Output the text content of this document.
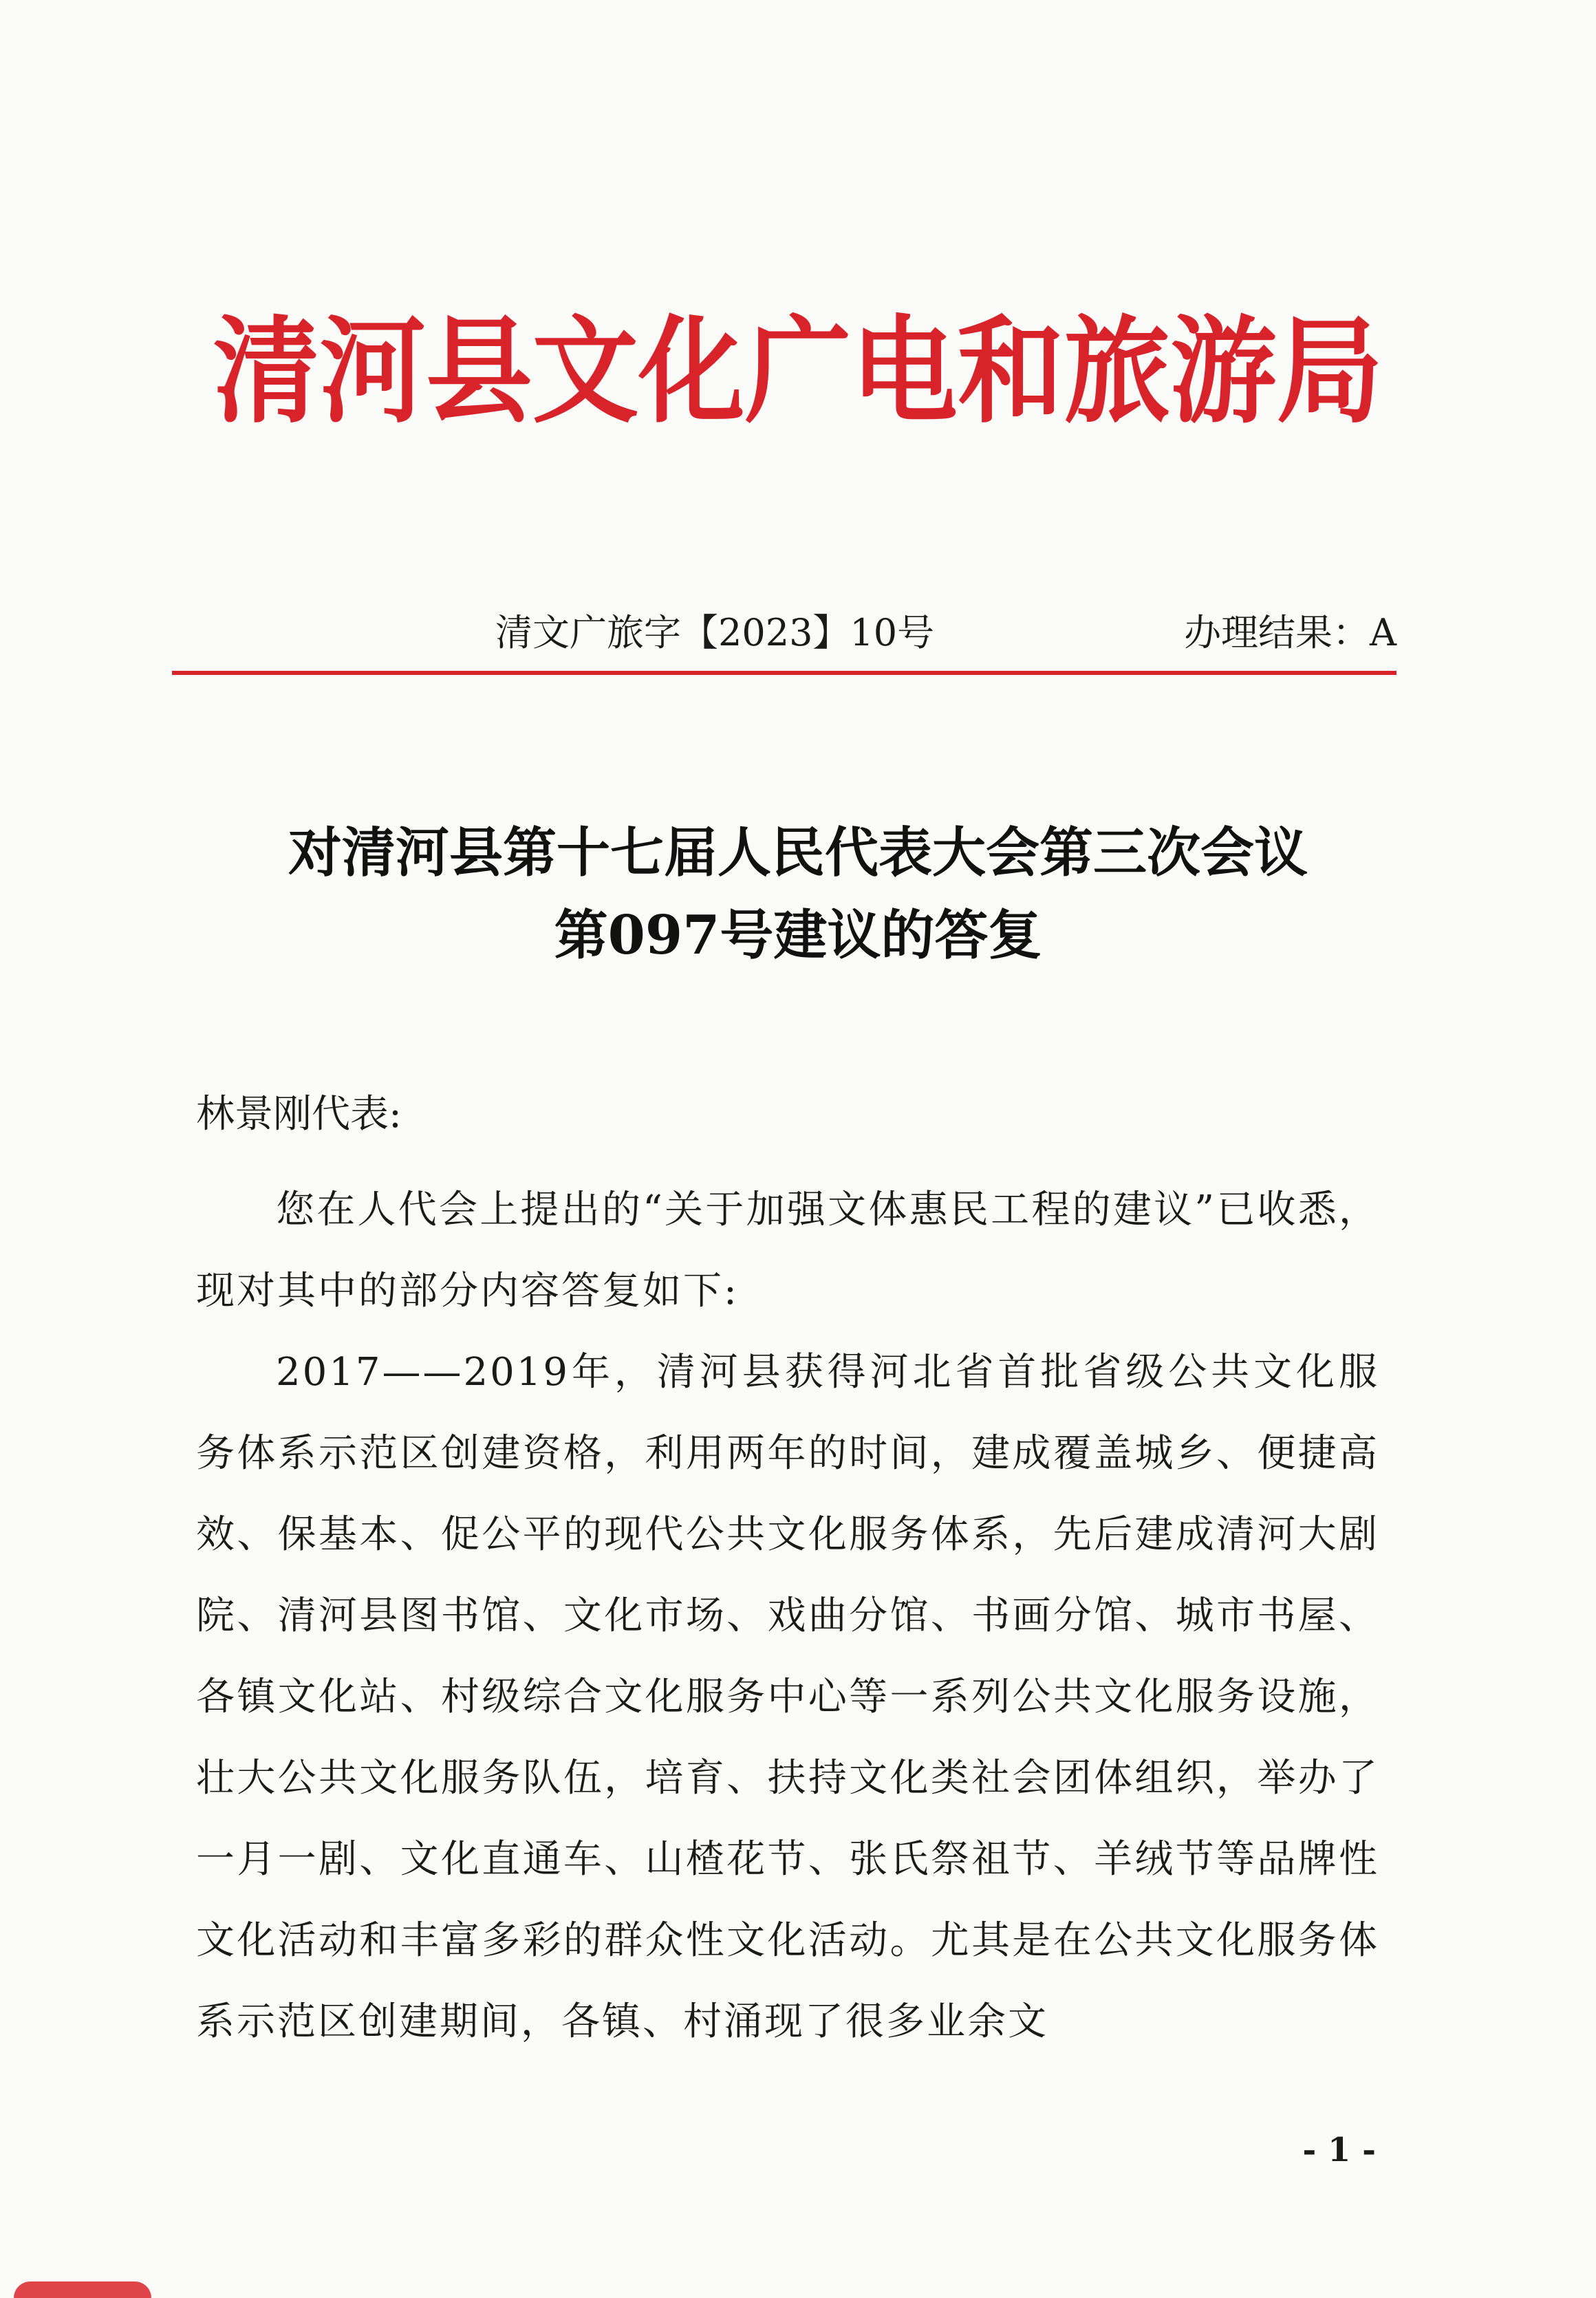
清河县文化广电和旅游局
清文广旅字【2023】10号	办理结果：A
对清河县第十七届人民代表大会第三次会议
第097号建议的答复
林景刚代表:

您在人代会上提出的“关于加强文体惠民工程的建议”已收悉，现对其中的部分内容答复如下:

2017——2019年，清河县获得河北省首批省级公共文化服务体系示范区创建资格，利用两年的时间，建成覆盖城乡、便捷高效、保基本、促公平的现代公共文化服务体系，先后建成清河大剧院、清河县图书馆、文化市场、戏曲分馆、书画分馆、城市书屋、各镇文化站、村级综合文化服务中心等一系列公共文化服务设施，壮大公共文化服务队伍，培育、扶持文化类社会团体组织，举办了一月一剧、文化直通车、山楂花节、张氏祭祖节、羊绒节等品牌性文化活动和丰富多彩的群众性文化活动。尤其是在公共文化服务体系示范区创建期间，各镇、村涌现了很多业余文

- 1 -
